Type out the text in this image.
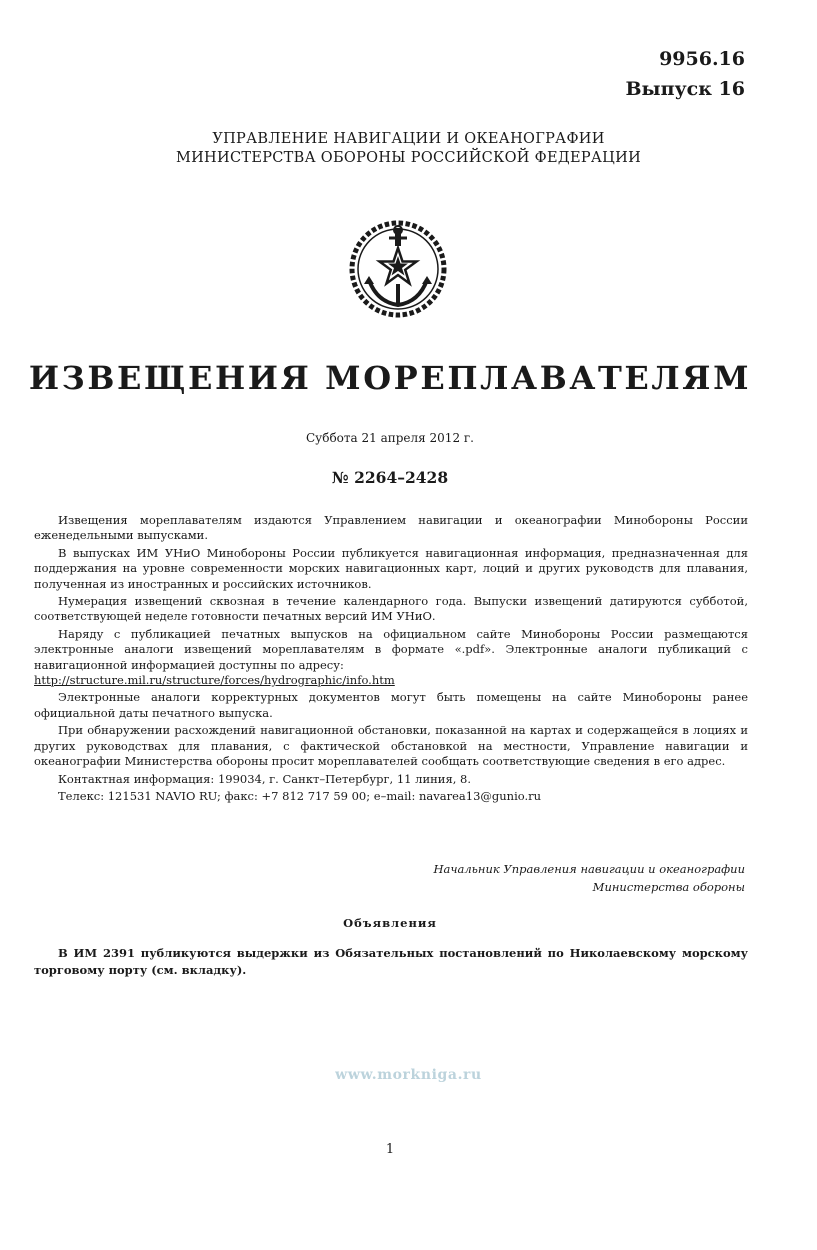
9956.16
Выпуск 16
УПРАВЛЕНИЕ НАВИГАЦИИ И ОКЕАНОГРАФИИ
МИНИСТЕРСТВА ОБОРОНЫ РОССИЙСКОЙ ФЕДЕРАЦИИ
ИЗВЕЩЕНИЯ МОРЕПЛАВАТЕЛЯМ
Суббота 21 апреля 2012 г.
№ 2264–2428

Извещения мореплавателям издаются Управлением навигации и океанографии Минобороны России еженедельными выпусками.

В выпусках ИМ УНиО Минобороны России публикуется навигационная информация, предназначенная для поддержания на уровне современности морских навигационных карт, лоций и других руководств для плавания, полученная из иностранных и российских источников.

Нумерация извещений сквозная в течение календарного года. Выпуски извещений датируются субботой, соответствующей неделе готовности печатных версий ИМ УНиО.

Наряду с публикацией печатных выпусков на официальном сайте Минобороны России размещаются электронные аналоги извещений мореплавателям в формате «.pdf». Электронные аналоги публикаций с навигационной информацией доступны по адресу:

http://structure.mil.ru/structure/forces/hydrographic/info.htm

Электронные аналоги корректурных документов могут быть помещены на сайте Минобороны ранее официальной даты печатного выпуска.

При обнаружении расхождений навигационной обстановки, показанной на картах и содержащейся в лоциях и других руководствах для плавания, с фактической обстановкой на местности, Управление навигации и океанографии Министерства обороны просит мореплавателей сообщать соответствующие сведения в его адрес.

Контактная информация: 199034, г. Санкт–Петербург, 11 линия, 8.

Телекс: 121531 NAVIO RU; факс: +7 812 717 59 00; e–mail: navarea13@gunio.ru

Начальник Управления навигации и океанографии
Министерства обороны
Объявления
В ИМ 2391 публикуются выдержки из Обязательных постановлений по Николаевскому морскому торговому порту (см. вкладку).
www.morkniga.ru
1
